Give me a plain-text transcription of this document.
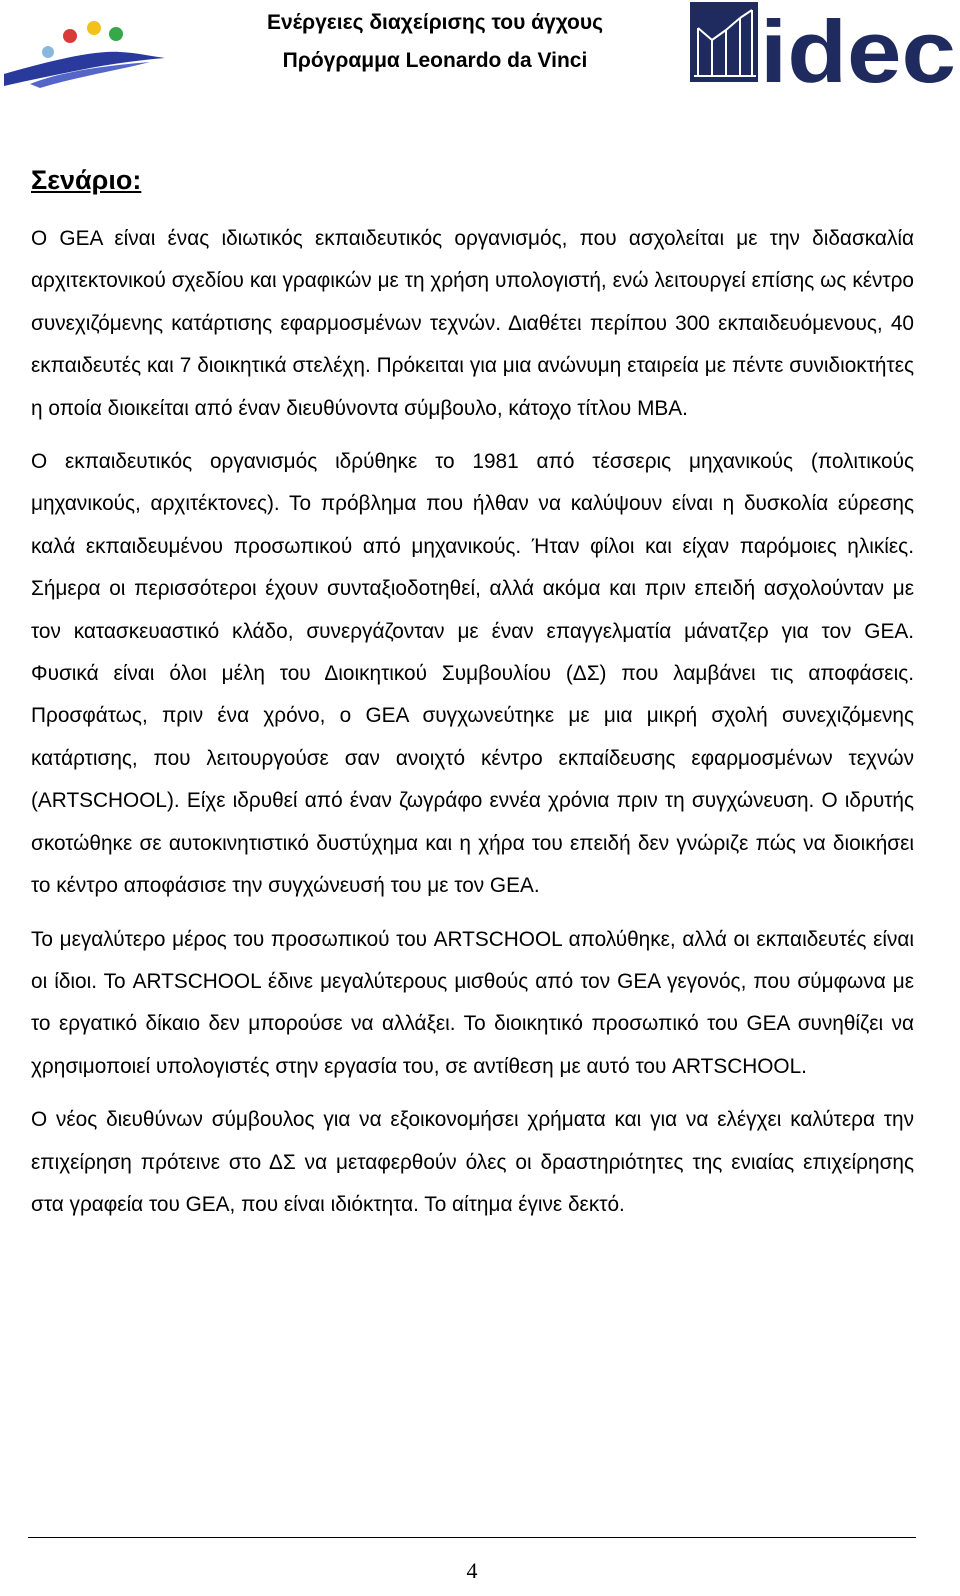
Ενέργειες διαχείρισης του άγχους
Πρόγραμμα Leonardo da Vinci	idec
Σενάριο:

Ο GEA είναι ένας ιδιωτικός εκπαιδευτικός οργανισμός, που ασχολείται με την διδασκαλία αρχιτεκτονικού σχεδίου και γραφικών με τη χρήση υπολογιστή, ενώ λειτουργεί επίσης ως κέντρο συνεχιζόμενης κατάρτισης εφαρμοσμένων τεχνών. Διαθέτει περίπου 300 εκπαιδευόμενους, 40 εκπαιδευτές και 7 διοικητικά στελέχη. Πρόκειται για μια ανώνυμη εταιρεία με πέντε συνιδιοκτήτες η οποία διοικείται από έναν διευθύνοντα σύμβουλο, κάτοχο τίτλου MBA.

Ο εκπαιδευτικός οργανισμός ιδρύθηκε το 1981 από τέσσερις μηχανικούς (πολιτικούς μηχανικούς, αρχιτέκτονες). Το πρόβλημα που ήλθαν να καλύψουν είναι η δυσκολία εύρεσης καλά εκπαιδευμένου προσωπικού από μηχανικούς. Ήταν φίλοι και είχαν παρόμοιες ηλικίες. Σήμερα οι περισσότεροι έχουν συνταξιοδοτηθεί, αλλά ακόμα και πριν επειδή ασχολούνταν με τον κατασκευαστικό κλάδο, συνεργάζονταν με έναν επαγγελματία μάνατζερ για τον GEA. Φυσικά είναι όλοι μέλη του Διοικητικού Συμβουλίου (ΔΣ) που λαμβάνει τις αποφάσεις. Προσφάτως, πριν ένα χρόνο, ο GEA συγχωνεύτηκε με μια μικρή σχολή συνεχιζόμενης κατάρτισης, που λειτουργούσε σαν ανοιχτό κέντρο εκπαίδευσης εφαρμοσμένων τεχνών (ARTSCHOOL). Είχε ιδρυθεί από έναν ζωγράφο εννέα χρόνια πριν τη συγχώνευση. Ο ιδρυτής σκοτώθηκε σε αυτοκινητιστικό δυστύχημα και η χήρα του επειδή δεν γνώριζε πώς να διοικήσει το κέντρο αποφάσισε την συγχώνευσή του με τον GEA.

Το μεγαλύτερο μέρος του προσωπικού του ARTSCHOOL απολύθηκε, αλλά οι εκπαιδευτές είναι οι ίδιοι. Το ARTSCHOOL έδινε μεγαλύτερους μισθούς από τον GEA γεγονός, που σύμφωνα με το εργατικό δίκαιο δεν μπορούσε να αλλάξει. Το διοικητικό προσωπικό του GEA συνηθίζει να χρησιμοποιεί υπολογιστές στην εργασία του, σε αντίθεση με αυτό του ARTSCHOOL.

Ο νέος διευθύνων σύμβουλος για να εξοικονομήσει χρήματα και για να ελέγχει καλύτερα την επιχείρηση πρότεινε στο ΔΣ να μεταφερθούν όλες οι δραστηριότητες της ενιαίας επιχείρησης στα γραφεία του GEA, που είναι ιδιόκτητα. Το αίτημα έγινε δεκτό.

4
